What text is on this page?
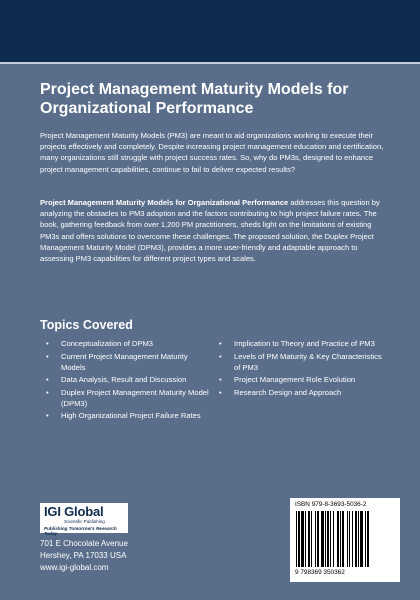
Project Management Maturity Models for Organizational Performance

Project Management Maturity Models (PM3) are meant to aid organizations working to execute their projects effectively and completely. Despite increasing project management education and certification, many organizations still struggle with project success rates. So, why do PM3s, designed to enhance project management capabilities, continue to fail to deliver expected results?

Project Management Maturity Models for Organizational Performance addresses this question by analyzing the obstacles to PM3 adoption and the factors contributing to high project failure rates. The book, gathering feedback from over 1,200 PM practitioners, sheds light on the limitations of existing PM3s and offers solutions to overcome these challenges. The proposed solution, the Duplex Project Management Maturity Model (DPM3), provides a more user-friendly and adaptable approach to assessing PM3 capabilities for different project types and scales.

Topics Covered
• Conceptualization of DPM3
• Current Project Management Maturity Models
• Data Analysis, Result and Discussion
• Duplex Project Management Maturity Model (DPM3)
• High Organizational Project Failure Rates
• Implication to Theory and Practice of PM3
• Levels of PM Maturity & Key Characteristics of PM3
• Project Management Role Evolution
• Research Design and Approach
IGI Global
Scientific Publishing
Publishing Tomorrow's Research Today
701 E Chocolate Avenue
Hershey, PA 17033 USA
www.igi-global.com
ISBN 979-8-3693-5036-2
9 798369 350362
